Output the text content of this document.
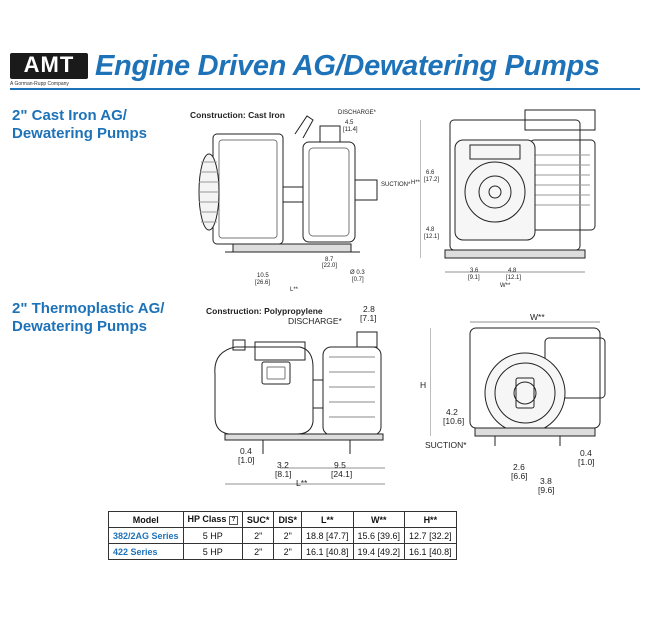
AMT
A Gorman-Rupp Company
Engine Driven AG/Dewatering Pumps
2" Cast Iron AG/
Dewatering Pumps
Construction: Cast Iron	DISCHARGE*
4.5
[11.4]
SUCTION*
8.7
[22.0]
Ø 0.3
[0.7]
10.5
[26.6]
L**
H**
6.6
[17.2]
4.8
[12.1]
3.6
[9.1]
4.8
[12.1]
W**
2" Thermoplastic AG/
Dewatering Pumps
Construction: Polypropylene
DISCHARGE*
2.8
[7.1]
0.4
[1.0]	3.2
[8.1]
9.5
[24.1]
L**
W**
H
4.2
[10.6]
SUCTION*
0.4
[1.0]
2.6
[6.6] 3.8
[9.6]
Model	HP Class ?	SUC*	DIS*	L**	W**	H**
382/2AG Series	5 HP	2"	2"	18.8 [47.7]	15.6 [39.6]	12.7 [32.2]
422 Series	5 HP	2"	2"	16.1 [40.8]	19.4 [49.2]	16.1 [40.8]
